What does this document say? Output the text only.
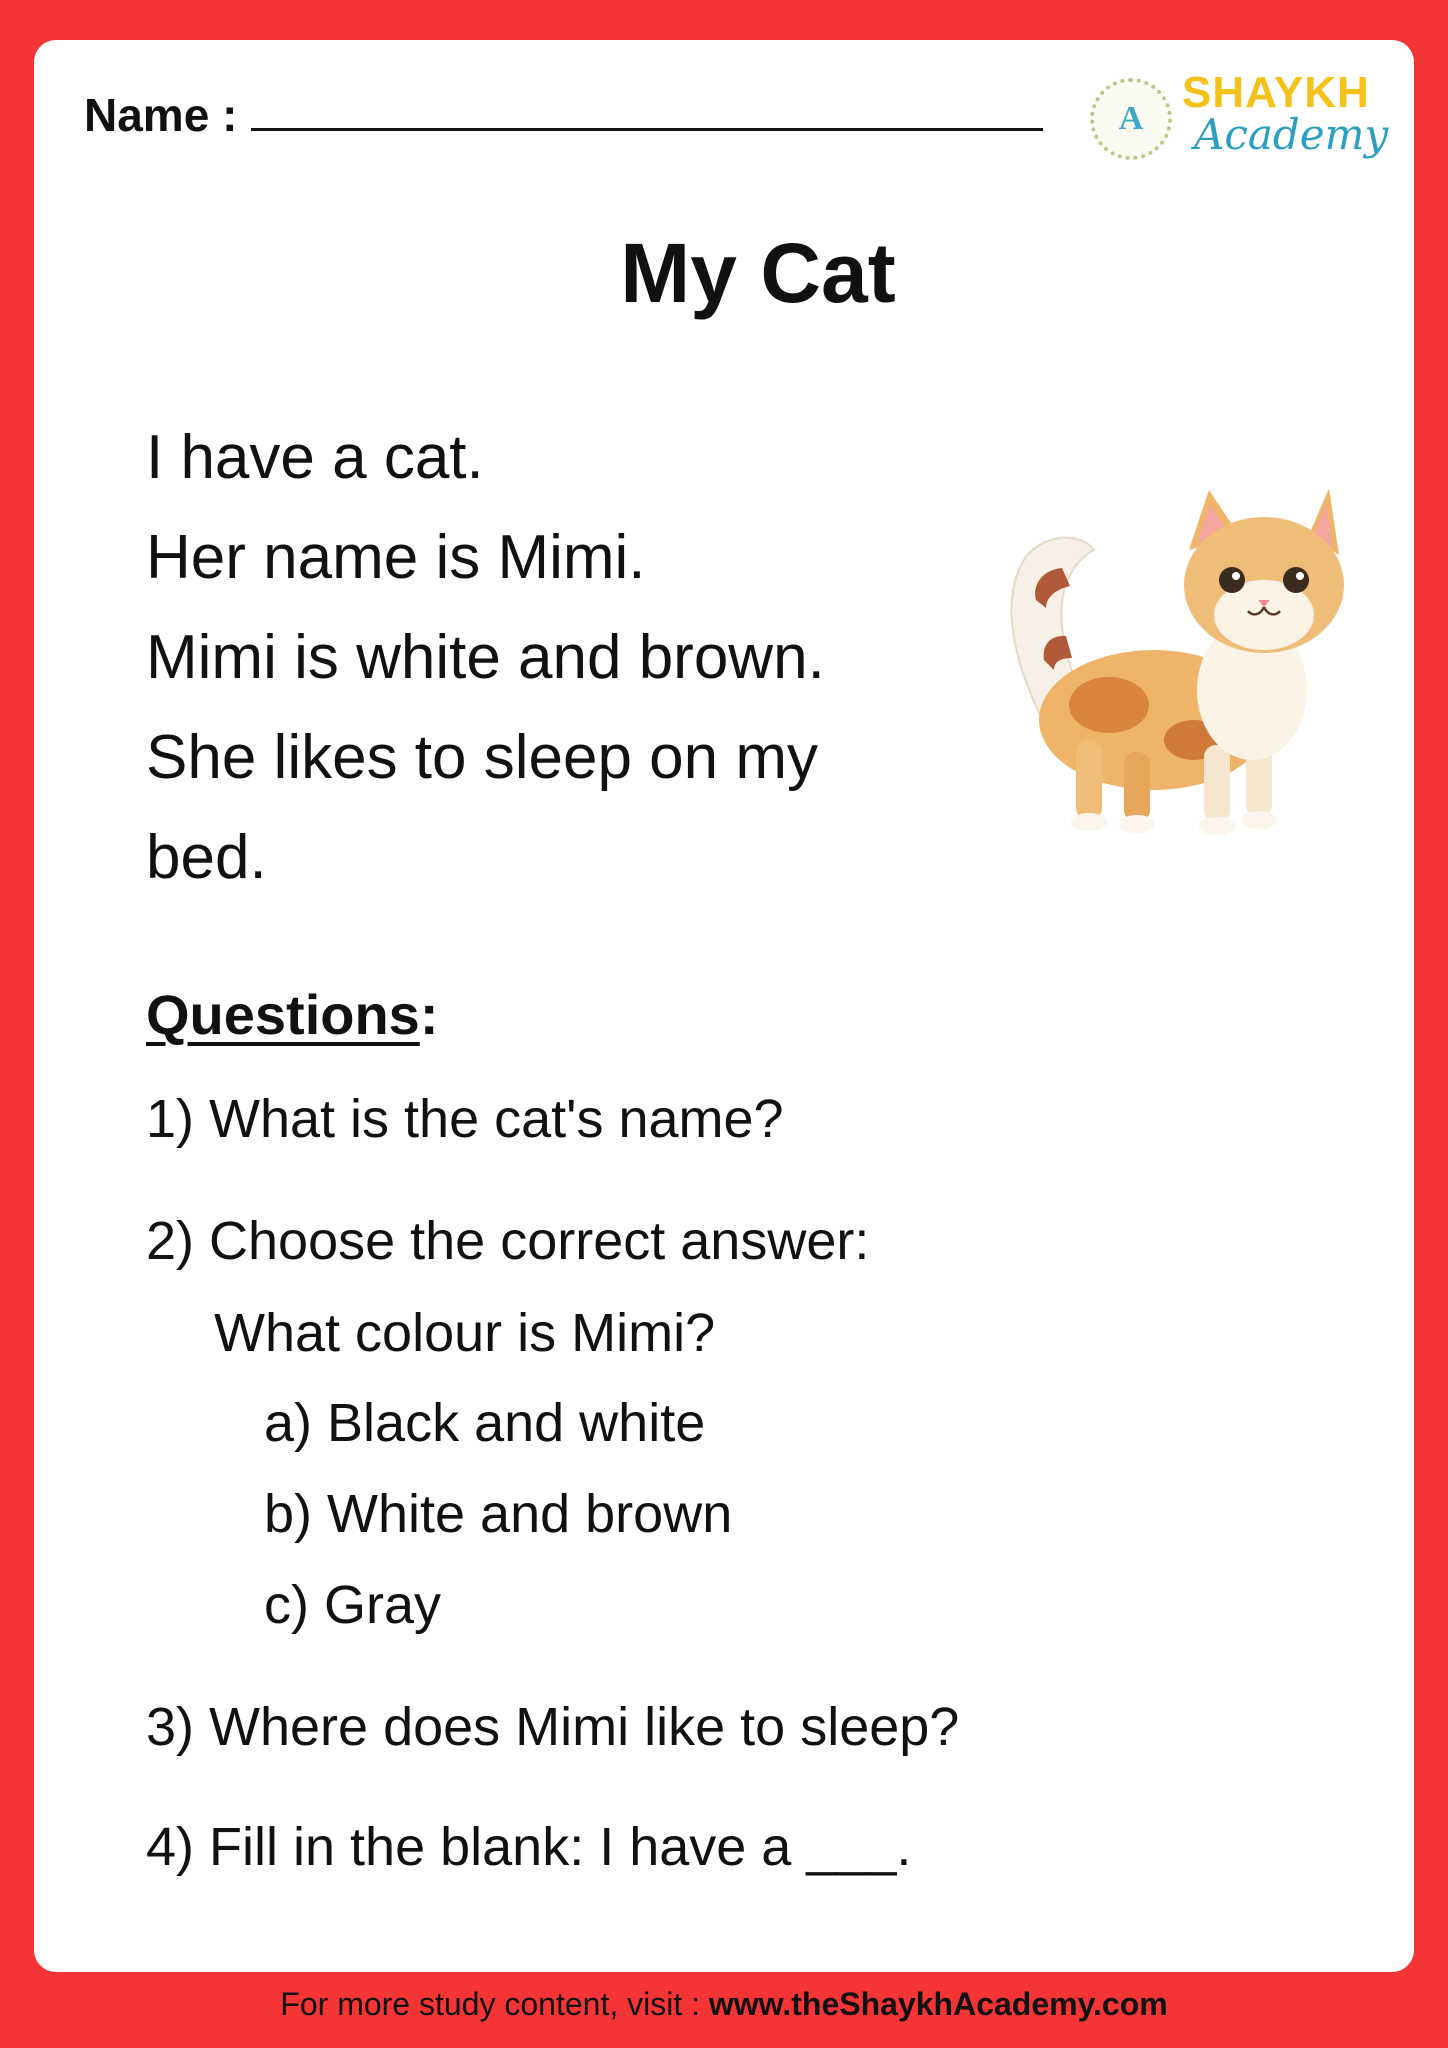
Name :	A
SHAYKH
Academy
My Cat
I have a cat.
Her name is Mimi.
Mimi is white and brown.
She likes to sleep on my
bed.
Questions:
1) What is the cat's name?
2) Choose the correct answer:
What colour is Mimi?
a) Black and white
b) White and brown
c) Gray
3) Where does Mimi like to sleep?
4) Fill in the blank: I have a ___.
For more study content, visit : www.theShaykhAcademy.com
